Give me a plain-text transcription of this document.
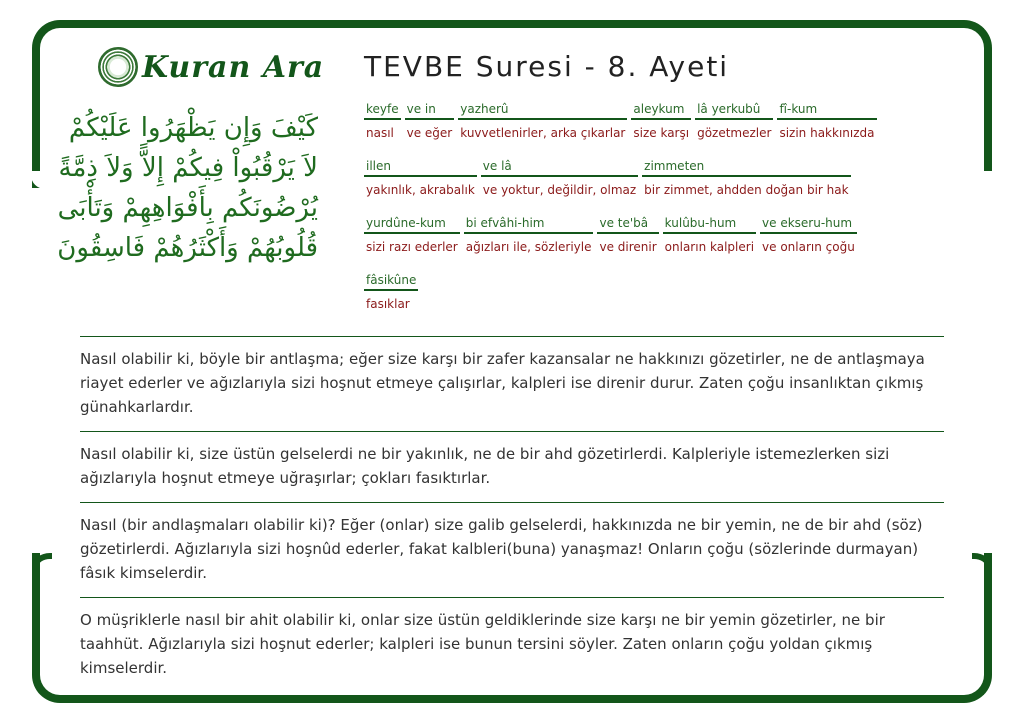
Kuran Ara
كَيْفَ وَإِن يَظْهَرُوا عَلَيْكُمْ
لاَ يَرْقُبُواْ فِيكُمْ إِلاًّ وَلاَ ذِمَّةً
يُرْضُونَكُم بِأَفْوَاهِهِمْ وَتَأْبَى
قُلُوبُهُمْ وَأَكْثَرُهُمْ فَاسِقُونَ
TEVBE Suresi - 8. Ayeti
keyfe
nasıl
ve in
ve eğer
yazherû
kuvvetlenirler, arka çıkarlar
aleykum
size karşı
lâ yerkubû
gözetmezler
fî-kum
sizin hakkınızda
illen
yakınlık, akrabalık
ve lâ
ve yoktur, değildir, olmaz
zimmeten
bir zimmet, ahdden doğan bir hak
yurdûne-kum
sizi razı ederler
bi efvâhi-him
ağızları ile, sözleriyle
ve te'bâ
ve direnir
kulûbu-hum
onların kalpleri
ve ekseru-hum
ve onların çoğu
fâsikûne
fasıklar
Nasıl olabilir ki, böyle bir antlaşma; eğer size karşı bir zafer kazansalar ne hakkınızı gözetirler, ne de antlaşmaya riayet ederler ve ağızlarıyla sizi hoşnut etmeye çalışırlar, kalpleri ise direnir durur. Zaten çoğu insanlıktan çıkmış günahkarlardır.
Nasıl olabilir ki, size üstün gelselerdi ne bir yakınlık, ne de bir ahd gözetirlerdi. Kalpleriyle istemezlerken sizi ağızlarıyla hoşnut etmeye uğraşırlar; çokları fasıktırlar.
Nasıl (bir andlaşmaları olabilir ki)? Eğer (onlar) size galib gelselerdi, hakkınızda ne bir yemin, ne de bir ahd (söz) gözetirlerdi. Ağızlarıyla sizi hoşnûd ederler, fakat kalbleri(buna) yanaşmaz! Onların çoğu (sözlerinde durmayan) fâsık kimselerdir.
O müşriklerle nasıl bir ahit olabilir ki, onlar size üstün geldiklerinde size karşı ne bir yemin gözetirler, ne bir taahhüt. Ağızlarıyla sizi hoşnut ederler; kalpleri ise bunun tersini söyler. Zaten onların çoğu yoldan çıkmış kimselerdir.
